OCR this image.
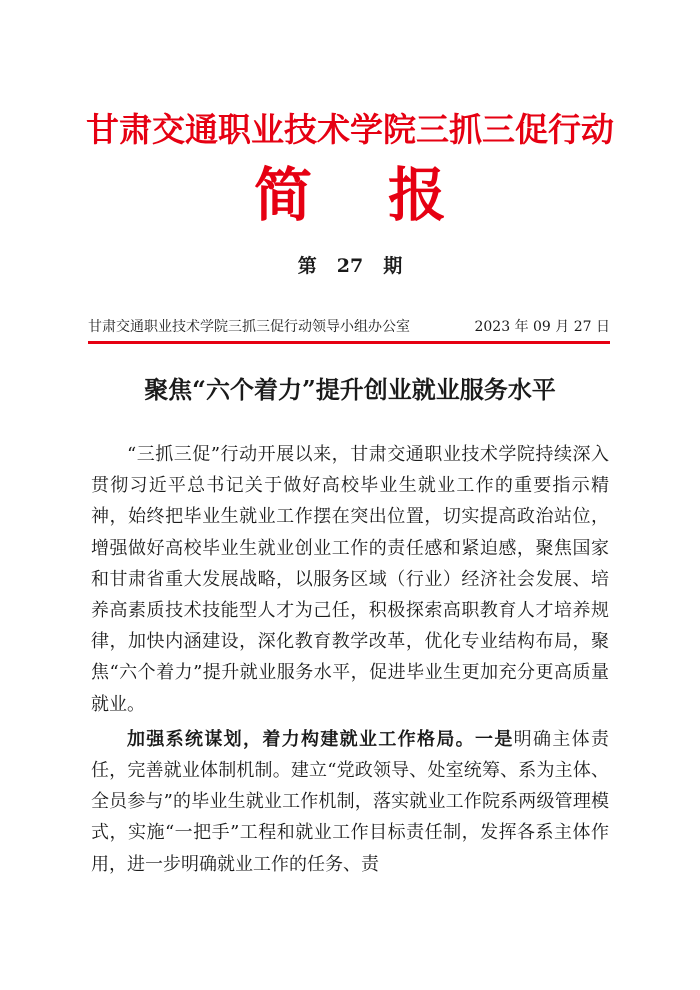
甘肃交通职业技术学院三抓三促行动
简 报
第 27 期
甘肃交通职业技术学院三抓三促行动领导小组办公室	2023 年 09 月 27 日
聚焦“六个着力”提升创业就业服务水平

“三抓三促”行动开展以来，甘肃交通职业技术学院持续深入贯彻习近平总书记关于做好高校毕业生就业工作的重要指示精神，始终把毕业生就业工作摆在突出位置，切实提高政治站位，增强做好高校毕业生就业创业工作的责任感和紧迫感，聚焦国家和甘肃省重大发展战略，以服务区域（行业）经济社会发展、培养高素质技术技能型人才为己任，积极探索高职教育人才培养规律，加快内涵建设，深化教育教学改革，优化专业结构布局，聚焦“六个着力”提升就业服务水平，促进毕业生更加充分更高质量就业。

加强系统谋划，着力构建就业工作格局。一是明确主体责任，完善就业体制机制。建立“党政领导、处室统筹、系为主体、全员参与”的毕业生就业工作机制，落实就业工作院系两级管理模式，实施“一把手”工程和就业工作目标责任制，发挥各系主体作用，进一步明确就业工作的任务、责
